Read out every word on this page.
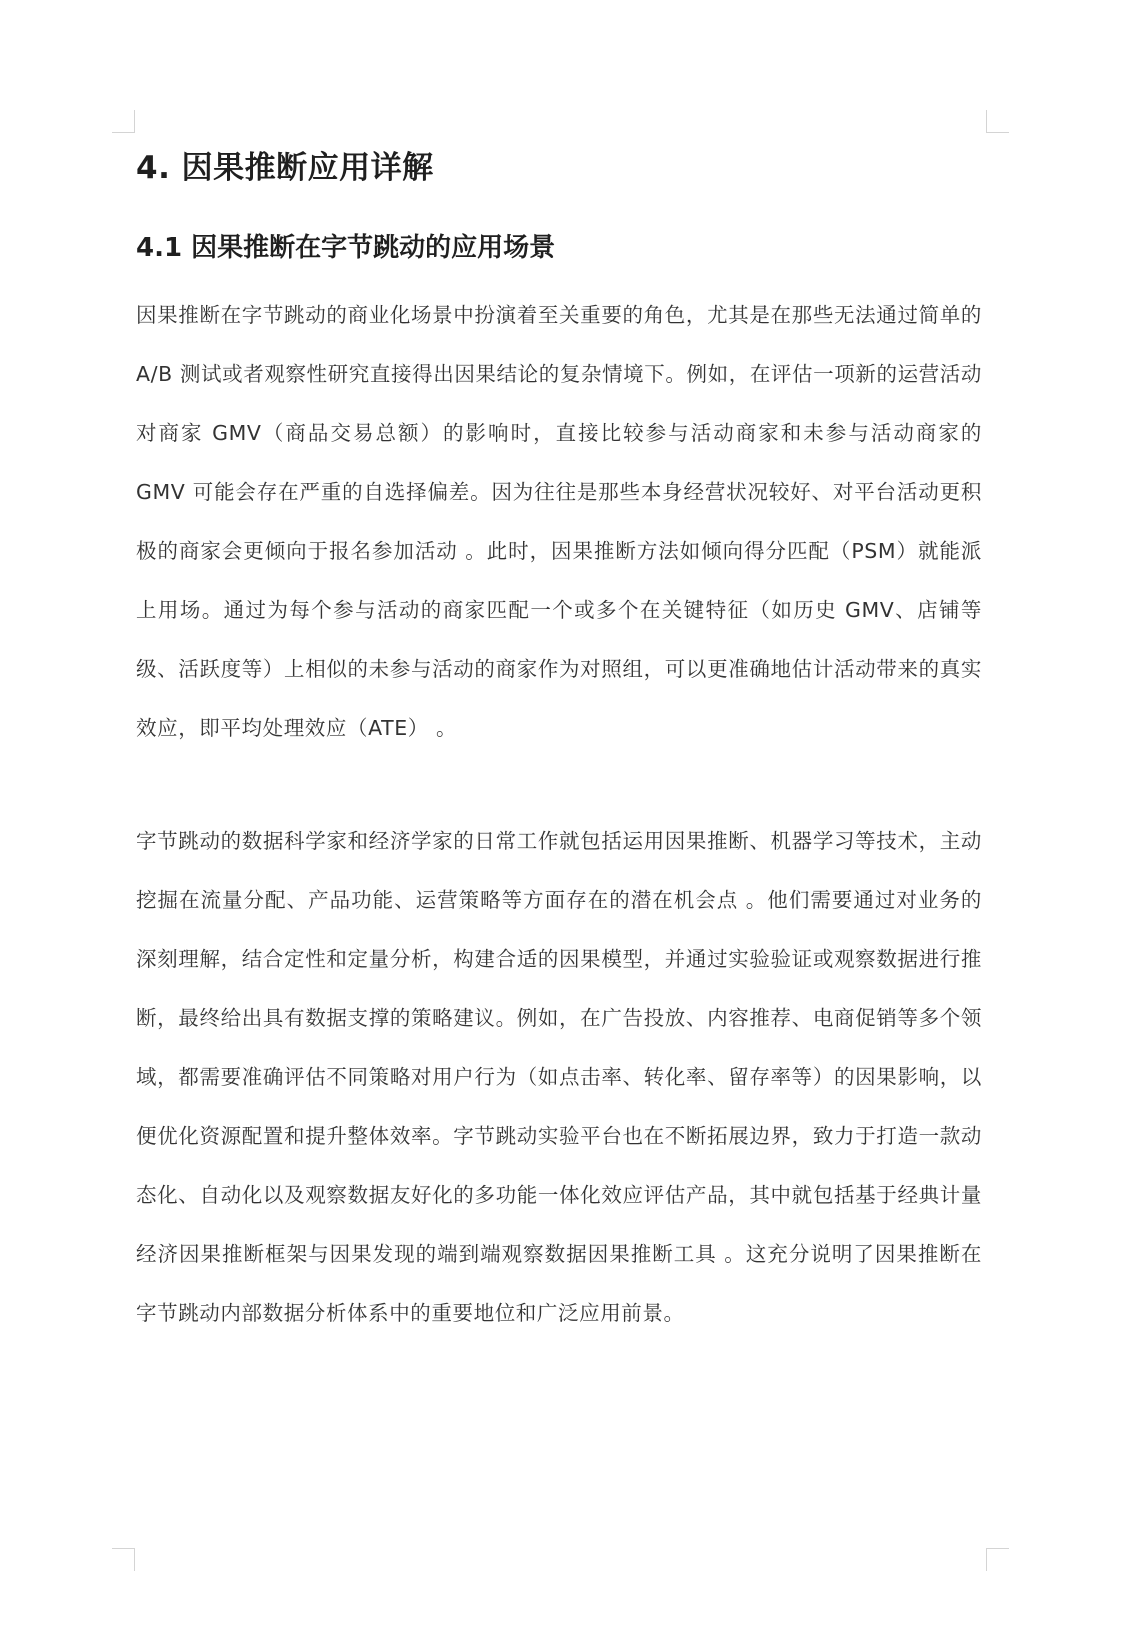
4. 因果推断应用详解
4.1 因果推断在字节跳动的应用场景

因果推断在字节跳动的商业化场景中扮演着至关重要的角色，尤其是在那些无法通过简单的 A/B 测试或者观察性研究直接得出因果结论的复杂情境下。例如，在评估一项新的运营活动对商家 GMV（商品交易总额）的影响时，直接比较参与活动商家和未参与活动商家的 GMV 可能会存在严重的自选择偏差。因为往往是那些本身经营状况较好、对平台活动更积极的商家会更倾向于报名参加活动 。此时，因果推断方法如倾向得分匹配（PSM）就能派上用场。通过为每个参与活动的商家匹配一个或多个在关键特征（如历史 GMV、店铺等级、活跃度等）上相似的未参与活动的商家作为对照组，可以更准确地估计活动带来的真实效应，即平均处理效应（ATE） 。

字节跳动的数据科学家和经济学家的日常工作就包括运用因果推断、机器学习等技术，主动挖掘在流量分配、产品功能、运营策略等方面存在的潜在机会点 。他们需要通过对业务的深刻理解，结合定性和定量分析，构建合适的因果模型，并通过实验验证或观察数据进行推断，最终给出具有数据支撑的策略建议。例如，在广告投放、内容推荐、电商促销等多个领域，都需要准确评估不同策略对用户行为（如点击率、转化率、留存率等）的因果影响，以便优化资源配置和提升整体效率。字节跳动实验平台也在不断拓展边界，致力于打造一款动态化、自动化以及观察数据友好化的多功能一体化效应评估产品，其中就包括基于经典计量经济因果推断框架与因果发现的端到端观察数据因果推断工具 。这充分说明了因果推断在字节跳动内部数据分析体系中的重要地位和广泛应用前景。
